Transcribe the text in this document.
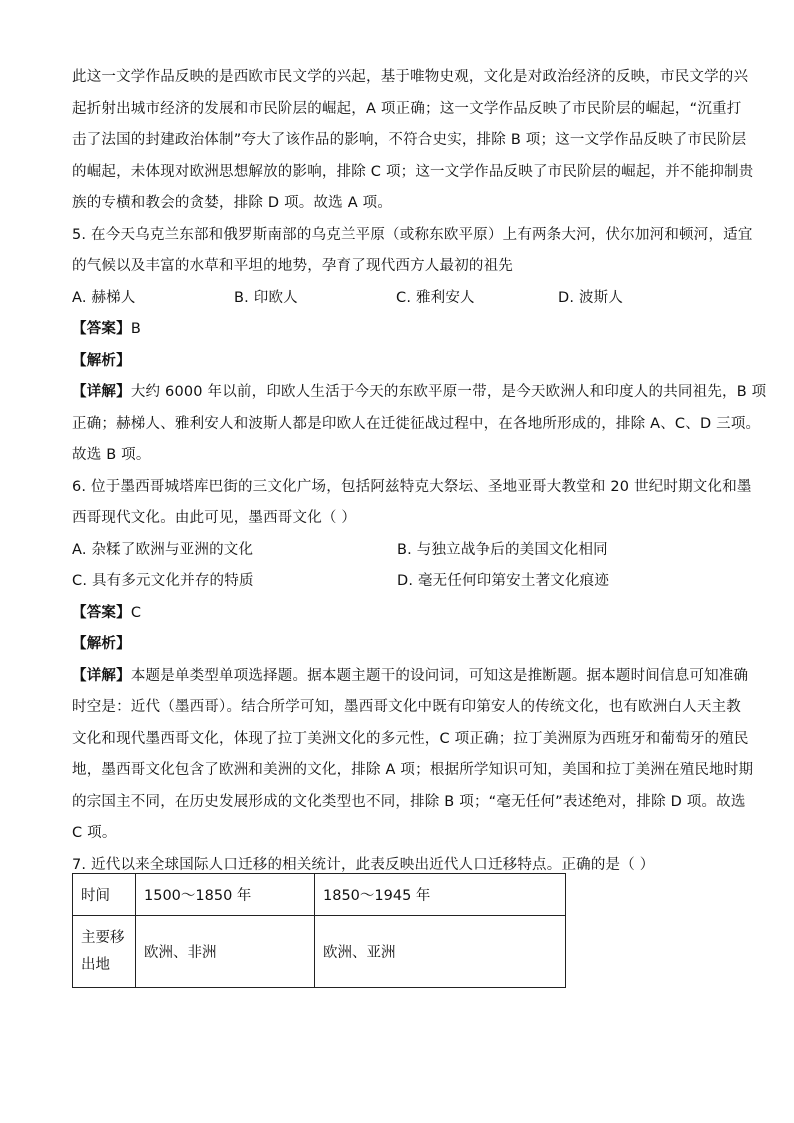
此这一文学作品反映的是西欧市民文学的兴起，基于唯物史观，文化是对政治经济的反映，市民文学的兴
起折射出城市经济的发展和市民阶层的崛起，A 项正确；这一文学作品反映了市民阶层的崛起，“沉重打
击了法国的封建政治体制”夸大了该作品的影响，不符合史实，排除 B 项；这一文学作品反映了市民阶层
的崛起，未体现对欧洲思想解放的影响，排除 C 项；这一文学作品反映了市民阶层的崛起，并不能抑制贵
族的专横和教会的贪婪，排除 D 项。故选 A 项。
5. 在今天乌克兰东部和俄罗斯南部的乌克兰平原（或称东欧平原）上有两条大河，伏尔加河和顿河，适宜
的气候以及丰富的水草和平坦的地势，孕育了现代西方人最初的祖先
A. 赫梯人	B. 印欧人	C. 雅利安人	D. 波斯人
【答案】B
【解析】
【详解】大约 6000 年以前，印欧人生活于今天的东欧平原一带，是今天欧洲人和印度人的共同祖先，B 项
正确；赫梯人、雅利安人和波斯人都是印欧人在迁徙征战过程中，在各地所形成的，排除 A、C、D 三项。
故选 B 项。
6. 位于墨西哥城塔库巴街的三文化广场，包括阿兹特克大祭坛、圣地亚哥大教堂和 20 世纪时期文化和墨
西哥现代文化。由此可见，墨西哥文化（ ）
A. 杂糅了欧洲与亚洲的文化	B. 与独立战争后的美国文化相同
C. 具有多元文化并存的特质	D. 毫无任何印第安土著文化痕迹
【答案】C
【解析】
【详解】本题是单类型单项选择题。据本题主题干的设问词，可知这是推断题。据本题时间信息可知准确
时空是：近代（墨西哥）。结合所学可知，墨西哥文化中既有印第安人的传统文化，也有欧洲白人天主教
文化和现代墨西哥文化，体现了拉丁美洲文化的多元性，C 项正确；拉丁美洲原为西班牙和葡萄牙的殖民
地，墨西哥文化包含了欧洲和美洲的文化，排除 A 项；根据所学知识可知，美国和拉丁美洲在殖民地时期
的宗国主不同，在历史发展形成的文化类型也不同，排除 B 项；“毫无任何”表述绝对，排除 D 项。故选
C 项。
7. 近代以来全球国际人口迁移的相关统计，此表反映出近代人口迁移特点。正确的是（ ）
时间	1500～1850 年	1850～1945 年

主要移
出地	欧洲、非洲	欧洲、亚洲
